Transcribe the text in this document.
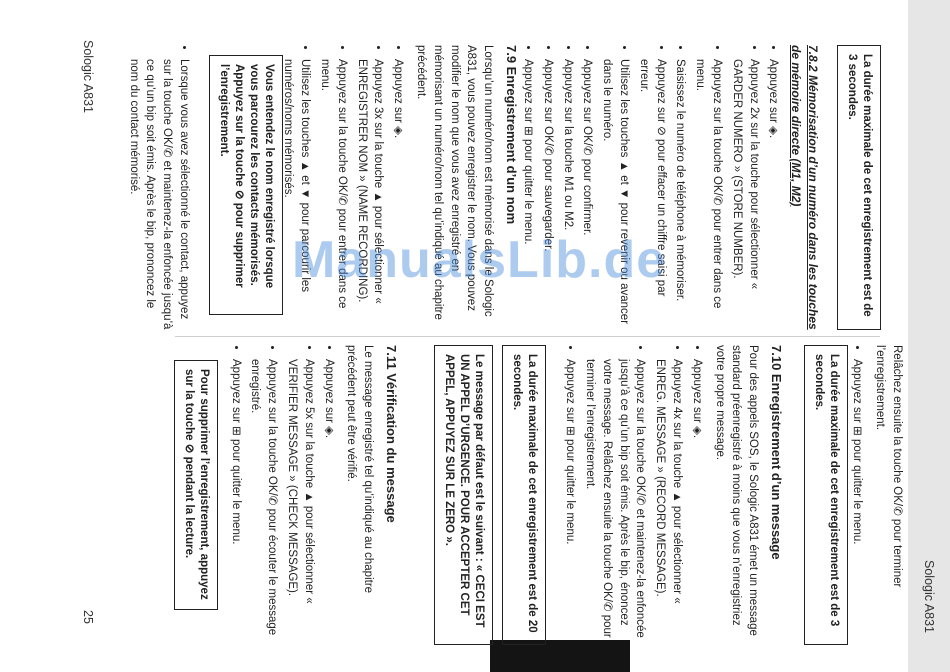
Sologic A831
Sologic A831
25

Relâchez ensuite la touche OK/✆ pour terminer l’enregistrement.

• Appuyez sur ⊞ pour quitter le menu.
La durée maximale de cet enregistrement est de 3 secondes.
7.10 Enregistrement d’un message

Pour des appels SOS, le Sologic A831 émet un message standard préenregistré à moins que vous n’enregistriez votre propre message.

• Appuyez sur ◈.
• Appuyez 4x sur la touche ▲ pour sélectionner « ENREG. MESSAGE » (RECORD MESSAGE).
• Appuyez sur la touche OK/✆ et maintenez-la enfoncée jusqu’à ce qu’un bip soit émis. Après le bip, énoncez votre message. Relâchez ensuite la touche OK/✆ pour terminer l’enregistrement.
• Appuyez sur ⊞ pour quitter le menu.
La durée maximale de cet enregistrement est de 20 secondes.
Le message par défaut est le suivant : « CECI EST UN APPEL D’URGENCE. POUR ACCEPTER CET APPEL, APPUYEZ SUR LE ZERO ».
7.11 Vérification du message

Le message enregistré tel qu’indiqué au chapitre précédent peut être vérifié.

• Appuyez sur ◈.
• Appuyez 5x sur la touche ▲ pour sélectionner « VERIFIER MESSAGE » (CHECK MESSAGE).
• Appuyez sur la touche OK/✆ pour écouter le message enregistré.
• Appuyez sur ⊞ pour quitter le menu.
Pour supprimer l’enregistrement, appuyez sur la touche ⊘ pendant la lecture.
La durée maximale de cet enregistrement est de 3 secondes.
7.8.2 Mémorisation d’un numéro dans les touches de mémoire directe (M1, M2)
• Appuyez sur ◈.
• Appuyez 2x sur la touche pour sélectionner « GARDER NUMERO » (STORE NUMBER).
• Appuyez sur la touche OK/✆ pour entrer dans ce menu.
• Saisissez le numéro de téléphone à mémoriser.
• Appuyez sur ⊘ pour effacer un chiffre saisi par erreur.
• Utilisez les touches ▲ et ▼ pour revenir ou avancer dans le numéro.
• Appuyez sur OK/✆ pour confirmer.
• Appuyez sur la touche M1 ou M2.
• Appuyez sur OK/✆ pour sauvegarder.
• Appuyez sur ⊞ pour quitter le menu.
7.9 Enregistrement d’un nom

Lorsqu’un numéro/nom est mémorisé dans le Sologic A831, vous pouvez enregistrer le nom. Vous pouvez modifier le nom que vous avez enregistré en mémorisant un numéro/nom tel qu’indiqué au chapitre précédent.

• Appuyez sur ◈.
• Appuyez 3x sur la touche ▲ pour sélectionner « ENREGISTRER NOM » (NAME RECORDING).
• Appuyez sur la touche OK/✆ pour entrer dans ce menu.
• Utilisez les touches ▲ et ▼ pour parcourir les numéros/noms mémorisés.
Vous entendez le nom enregistré lorsque vous parcourez les contacts mémorisés. Appuyez sur la touche ⊘ pour supprimer l’enregistrement.
• Lorsque vous avez sélectionné le contact, appuyez sur la touche OK/✆ et maintenez-la enfoncée jusqu’à ce qu’un bip soit émis. Après le bip, prononcez le nom du contact mémorisé.
ManualsLib.de
